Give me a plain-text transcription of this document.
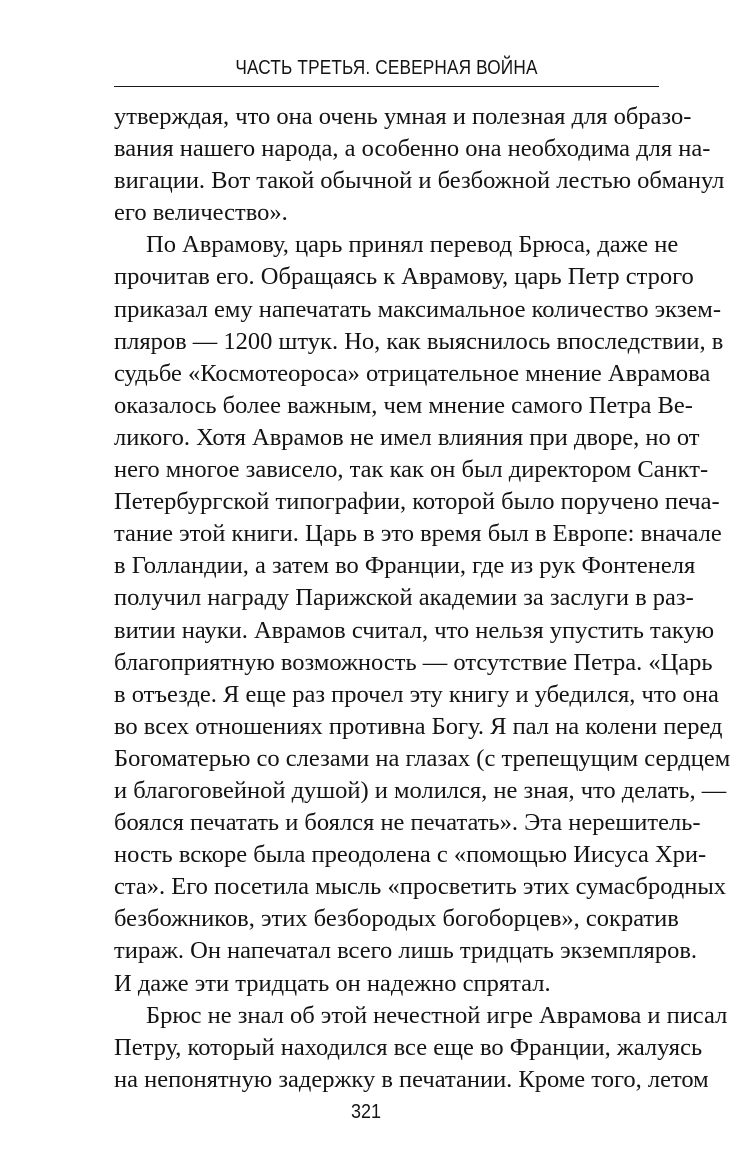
ЧАСТЬ ТРЕТЬЯ. СЕВЕРНАЯ ВОЙНА
утверждая, что она очень умная и полезная для образо-
вания нашего народа, а особенно она необходима для на-
вигации. Вот такой обычной и безбожной лестью обманул
его величество».
По Аврамову, царь принял перевод Брюса, даже не
прочитав его. Обращаясь к Аврамову, царь Петр строго
приказал ему напечатать максимальное количество экзем-
пляров — 1200 штук. Но, как выяснилось впоследствии, в
судьбе «Космотеороса» отрицательное мнение Аврамова
оказалось более важным, чем мнение самого Петра Ве-
ликого. Хотя Аврамов не имел влияния при дворе, но от
него многое зависело, так как он был директором Санкт-
Петербургской типографии, которой было поручено печа-
тание этой книги. Царь в это время был в Европе: вначале
в Голландии, а затем во Франции, где из рук Фонтенеля
получил награду Парижской академии за заслуги в раз-
витии науки. Аврамов считал, что нельзя упустить такую
благоприятную возможность — отсутствие Петра. «Царь
в отъезде. Я еще раз прочел эту книгу и убедился, что она
во всех отношениях противна Богу. Я пал на колени перед
Богоматерью со слезами на глазах (с трепещущим сердцем
и благоговейной душой) и молился, не зная, что делать, —
боялся печатать и боялся не печатать». Эта нерешитель-
ность вскоре была преодолена с «помощью Иисуса Хри-
ста». Его посетила мысль «просветить этих сумасбродных
безбожников, этих безбородых богоборцев», сократив
тираж. Он напечатал всего лишь тридцать экземпляров.
И даже эти тридцать он надежно спрятал.
Брюс не знал об этой нечестной игре Аврамова и писал
Петру, который находился все еще во Франции, жалуясь
на непонятную задержку в печатании. Кроме того, летом
321
